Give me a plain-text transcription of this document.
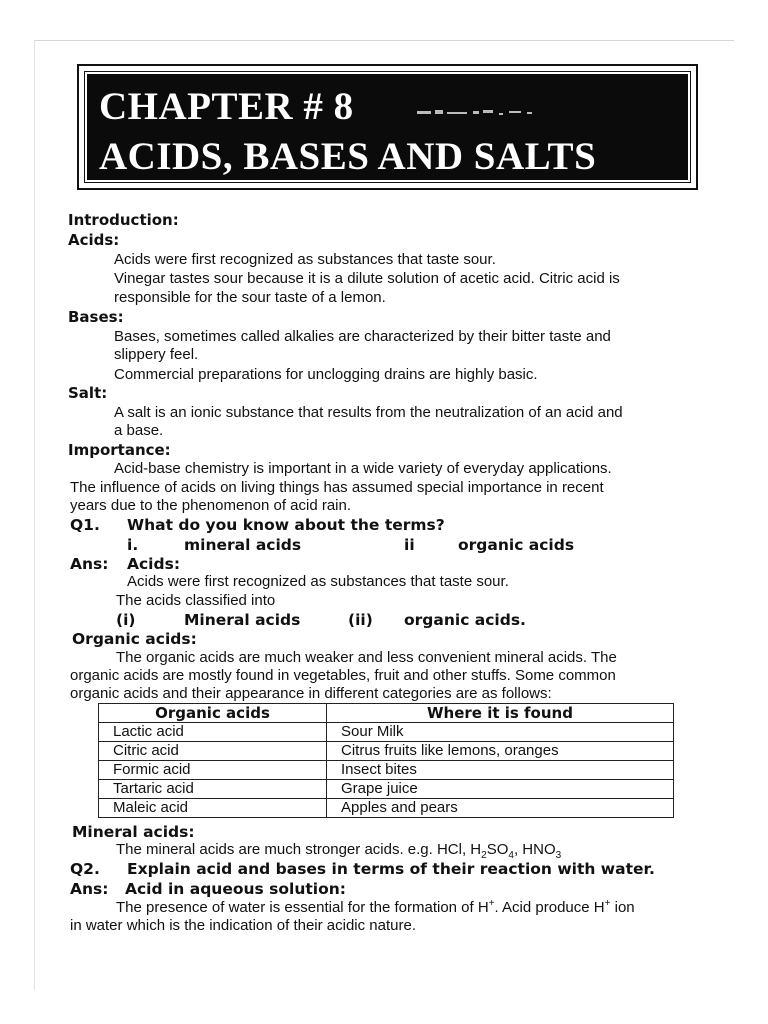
CHAPTER # 8
ACIDS, BASES AND SALTS
Introduction:
Acids:
Acids were first recognized as substances that taste sour.
Vinegar tastes sour because it is a dilute solution of acetic acid. Citric acid is
responsible for the sour taste of a lemon.
Bases:
Bases, sometimes called alkalies are characterized by their bitter taste and
slippery feel.
Commercial preparations for unclogging drains are highly basic.
Salt:
A salt is an ionic substance that results from the neutralization of an acid and
a base.
Importance:
Acid-base chemistry is important in a wide variety of everyday applications.
The influence of acids on living things has assumed special importance in recent
years due to the phenomenon of acid rain.
Q1. What do you know about the terms?
i.	mineral acids	ii	organic acids
Ans: Acids:
Acids were first recognized as substances that taste sour.
The acids classified into
(i)	Mineral acids	(ii) organic acids.
Organic acids:
The organic acids are much weaker and less convenient mineral acids. The
organic acids are mostly found in vegetables, fruit and other stuffs. Some common
organic acids and their appearance in different categories are as follows:
Organic acids	Where it is found
Lactic acid	Sour Milk
Citric acid	Citrus fruits like lemons, oranges
Formic acid	Insect bites
Tartaric acid	Grape juice
Maleic acid	Apples and pears
Mineral acids:
The mineral acids are much stronger acids. e.g. HCl, $H_2SO_4$, $HNO_3$
Q2. Explain acid and bases in terms of their reaction with water.
Ans: Acid in aqueous solution:
The presence of water is essential for the formation of H+. Acid produce H+ ion
in water which is the indication of their acidic nature.
